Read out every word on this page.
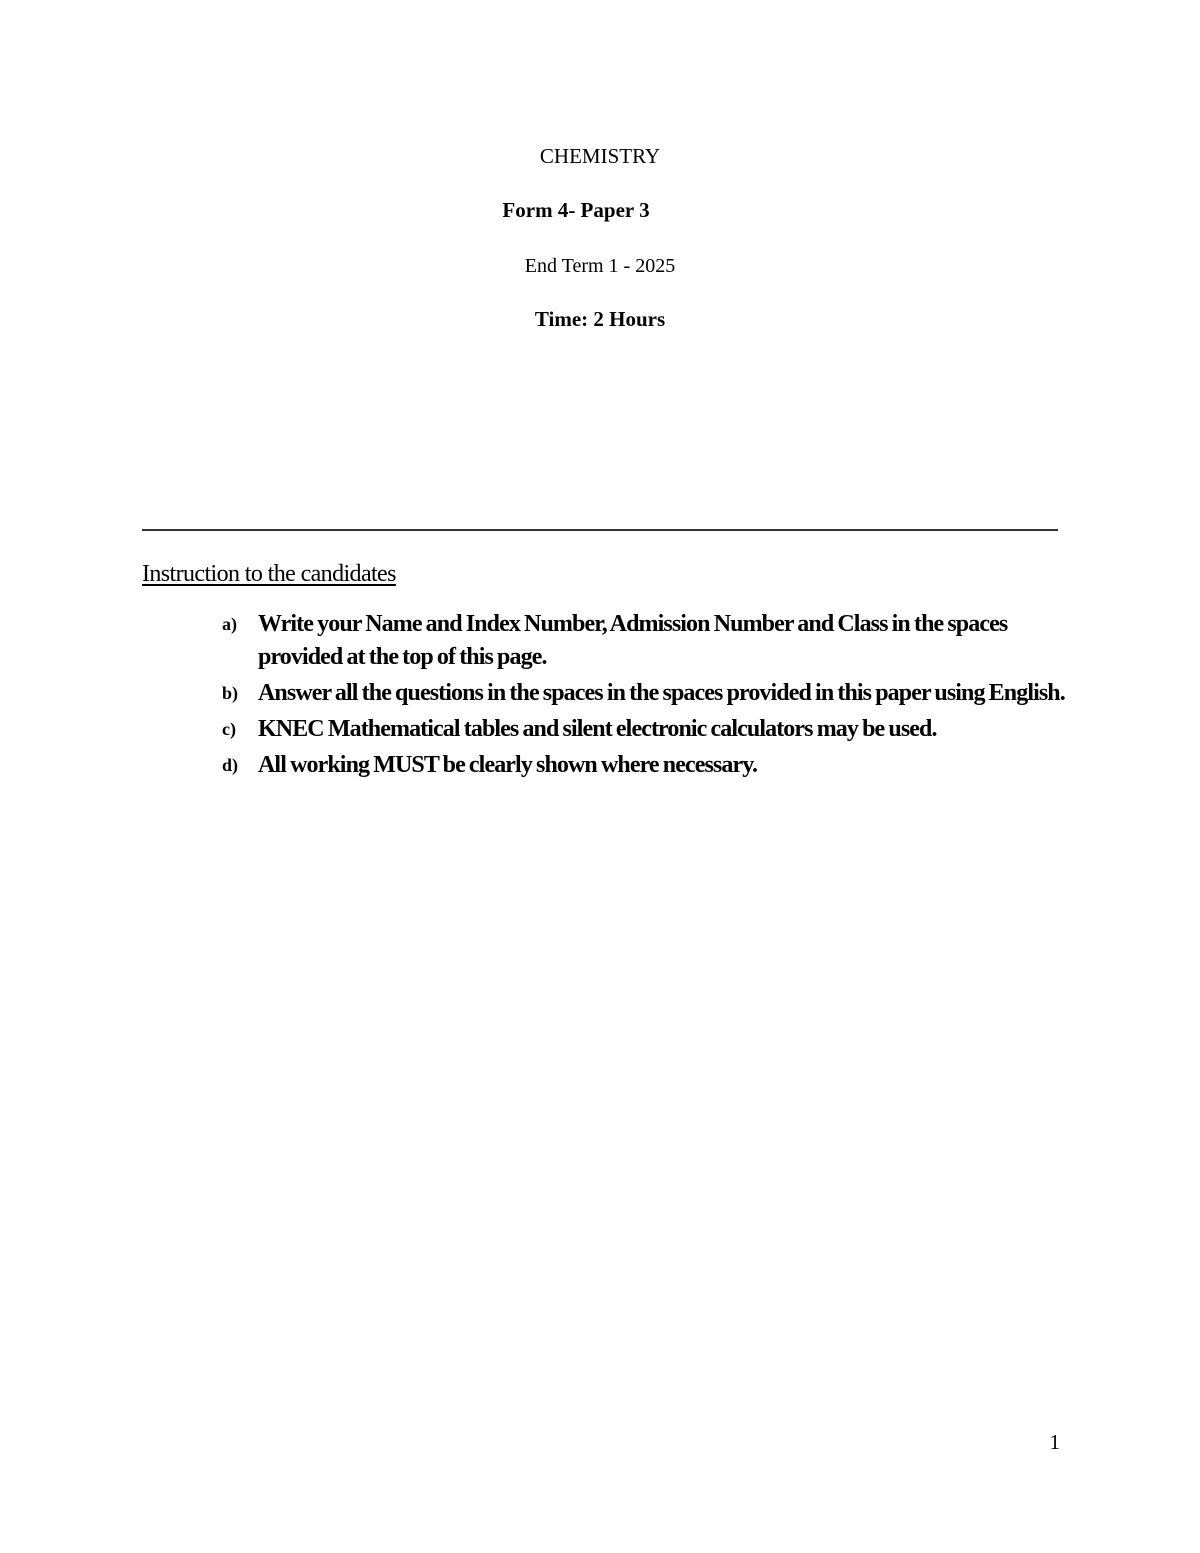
CHEMISTRY
Form 4- Paper 3
End Term 1 - 2025
Time: 2 Hours
Instruction to the candidates
a) Write your Name and Index Number, Admission Number and Class in the spaces provided at the top of this page.
b) Answer all the questions in the spaces in the spaces provided in this paper using English.
c) KNEC Mathematical tables and silent electronic calculators may be used.
d) All working MUST be clearly shown where necessary.
1
